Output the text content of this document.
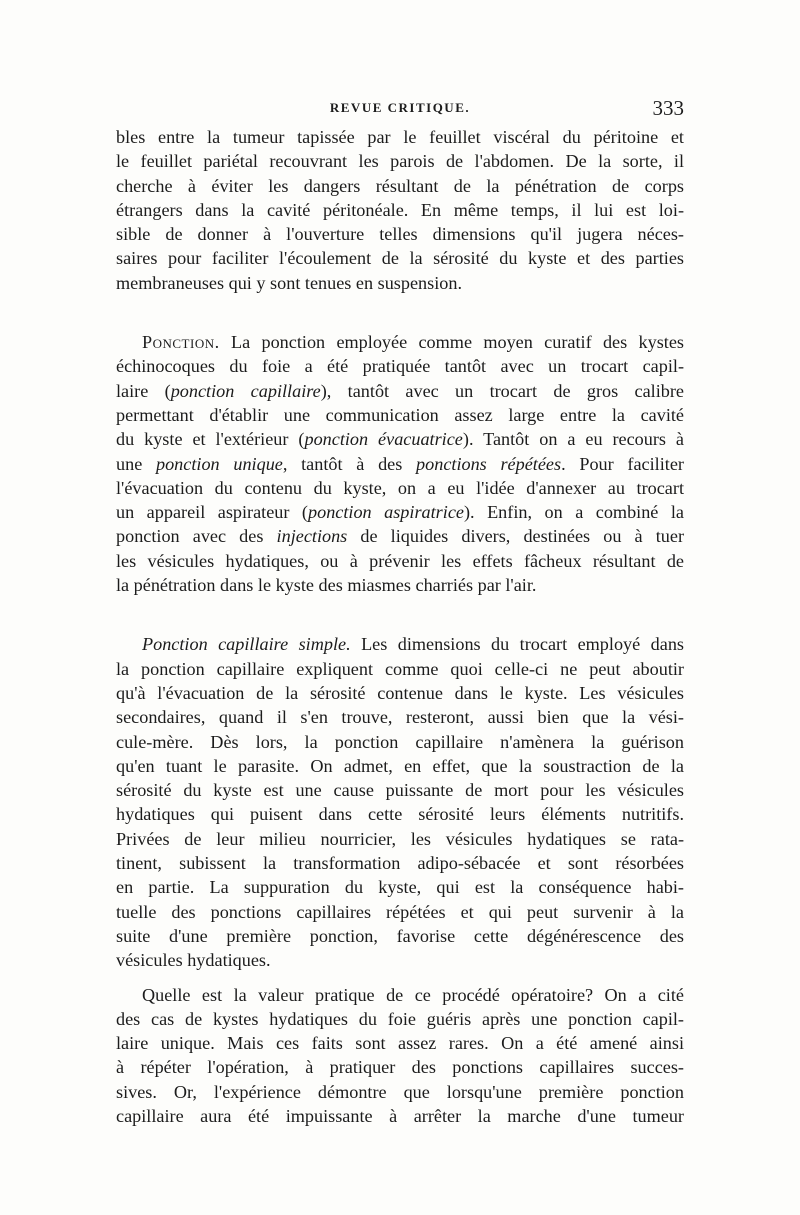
REVUE CRITIQUE.	333
bles entre la tumeur tapissée par le feuillet viscéral du péritoine et
le feuillet pariétal recouvrant les parois de l'abdomen. De la sorte, il
cherche à éviter les dangers résultant de la pénétration de corps
étrangers dans la cavité péritonéale. En même temps, il lui est loi-
sible de donner à l'ouverture telles dimensions qu'il jugera néces-
saires pour faciliter l'écoulement de la sérosité du kyste et des parties
membraneuses qui y sont tenues en suspension.
Ponction. La ponction employée comme moyen curatif des kystes
échinocoques du foie a été pratiquée tantôt avec un trocart capil-
laire (ponction capillaire), tantôt avec un trocart de gros calibre
permettant d'établir une communication assez large entre la cavité
du kyste et l'extérieur (ponction évacuatrice). Tantôt on a eu recours à
une ponction unique, tantôt à des ponctions répétées. Pour faciliter
l'évacuation du contenu du kyste, on a eu l'idée d'annexer au trocart
un appareil aspirateur (ponction aspiratrice). Enfin, on a combiné la
ponction avec des injections de liquides divers, destinées ou à tuer
les vésicules hydatiques, ou à prévenir les effets fâcheux résultant de
la pénétration dans le kyste des miasmes charriés par l'air.
Ponction capillaire simple. Les dimensions du trocart employé dans
la ponction capillaire expliquent comme quoi celle-ci ne peut aboutir
qu'à l'évacuation de la sérosité contenue dans le kyste. Les vésicules
secondaires, quand il s'en trouve, resteront, aussi bien que la vési-
cule-mère. Dès lors, la ponction capillaire n'amènera la guérison
qu'en tuant le parasite. On admet, en effet, que la soustraction de la
sérosité du kyste est une cause puissante de mort pour les vésicules
hydatiques qui puisent dans cette sérosité leurs éléments nutritifs.
Privées de leur milieu nourricier, les vésicules hydatiques se rata-
tinent, subissent la transformation adipo-sébacée et sont résorbées
en partie. La suppuration du kyste, qui est la conséquence habi-
tuelle des ponctions capillaires répétées et qui peut survenir à la
suite d'une première ponction, favorise cette dégénérescence des
vésicules hydatiques.
Quelle est la valeur pratique de ce procédé opératoire? On a cité
des cas de kystes hydatiques du foie guéris après une ponction capil-
laire unique. Mais ces faits sont assez rares. On a été amené ainsi
à répéter l'opération, à pratiquer des ponctions capillaires succes-
sives. Or, l'expérience démontre que lorsqu'une première ponction
capillaire aura été impuissante à arrêter la marche d'une tumeur
